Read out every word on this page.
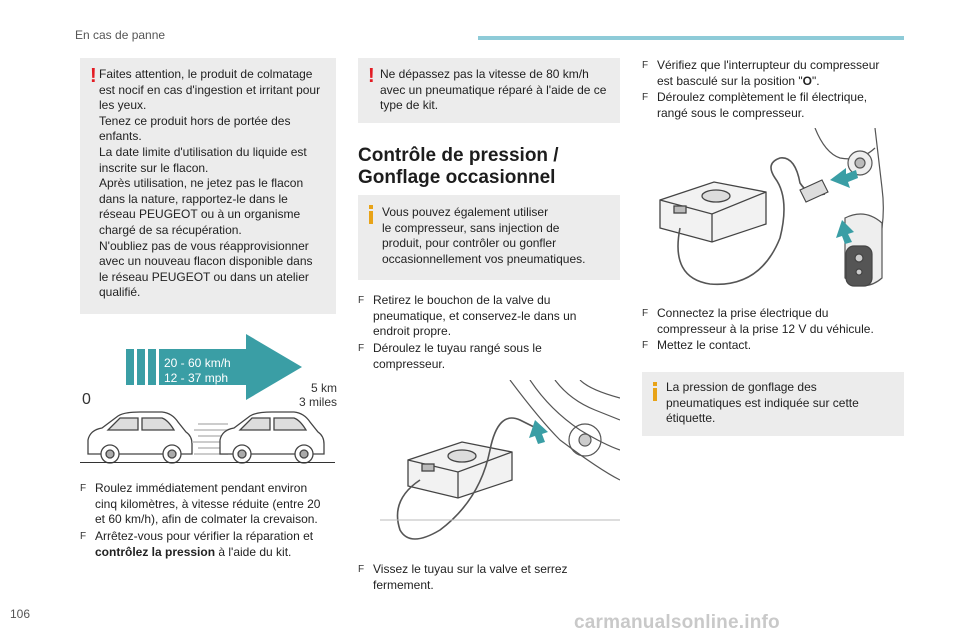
En cas de panne
! Faites attention, le produit de colmatage
est nocif en cas d'ingestion et irritant pour
les yeux.
Tenez ce produit hors de portée des
enfants.
La date limite d'utilisation du liquide est
inscrite sur le flacon.
Après utilisation, ne jetez pas le flacon
dans la nature, rapportez-le dans le
réseau PEUGEOT ou à un organisme
chargé de sa récupération.
N'oubliez pas de vous réapprovisionner
avec un nouveau flacon disponible dans
le réseau PEUGEOT ou dans un atelier
qualifié.
20 - 60 km/h
12 - 37 mph
0
5 km
3 miles
F Roulez immédiatement pendant environ
cinq kilomètres, à vitesse réduite (entre 20
et 60 km/h), afin de colmater la crevaison.
F Arrêtez-vous pour vérifier la réparation et
contrôlez la pression à l'aide du kit.
! Ne dépassez pas la vitesse de 80 km/h
avec un pneumatique réparé à l'aide de ce
type de kit.
Contrôle de pression /
Gonflage occasionnel
Vous pouvez également utiliser
le compresseur, sans injection de
produit, pour contrôler ou gonfler
occasionnellement vos pneumatiques.
F Retirez le bouchon de la valve du
pneumatique, et conservez-le dans un
endroit propre.
F Déroulez le tuyau rangé sous le
compresseur.
F Vissez le tuyau sur la valve et serrez
fermement.
F Vérifiez que l'interrupteur du compresseur
est basculé sur la position "O".
F Déroulez complètement le fil électrique,
rangé sous le compresseur.
F Connectez la prise électrique du
compresseur à la prise 12 V du véhicule.
F Mettez le contact.
La pression de gonflage des
pneumatiques est indiquée sur cette
étiquette.
106	carmanualsonline.info
